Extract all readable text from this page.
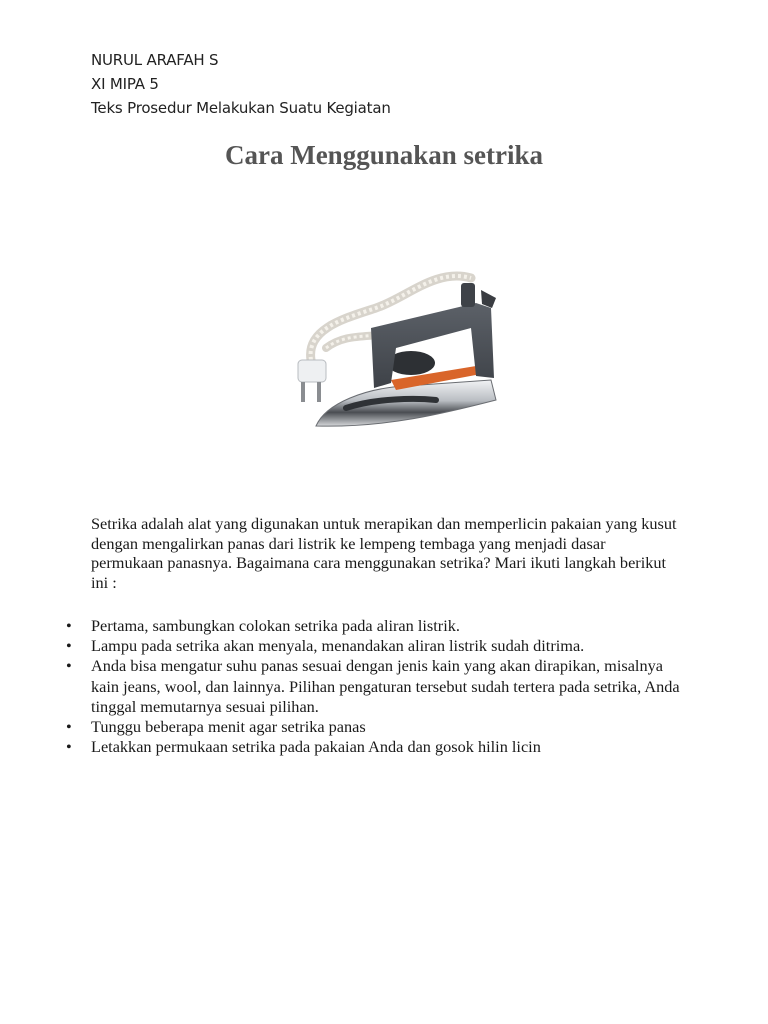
NURUL ARAFAH S
XI MIPA 5
Teks Prosedur Melakukan Suatu Kegiatan
Cara Menggunakan setrika

Setrika adalah alat yang digunakan untuk merapikan dan memperlicin pakaian yang kusut dengan mengalirkan panas dari listrik ke lempeng tembaga yang menjadi dasar permukaan panasnya. Bagaimana cara menggunakan setrika? Mari ikuti langkah berikut ini :

• Pertama, sambungkan colokan setrika pada aliran listrik.
• Lampu pada setrika akan menyala, menandakan aliran listrik sudah ditrima.
• Anda bisa mengatur suhu panas sesuai dengan jenis kain yang akan dirapikan, misalnya kain jeans, wool, dan lainnya. Pilihan pengaturan tersebut sudah tertera pada setrika, Anda tinggal memutarnya sesuai pilihan.
• Tunggu beberapa menit agar setrika panas
• Letakkan permukaan setrika pada pakaian Anda dan gosok hilin licin
